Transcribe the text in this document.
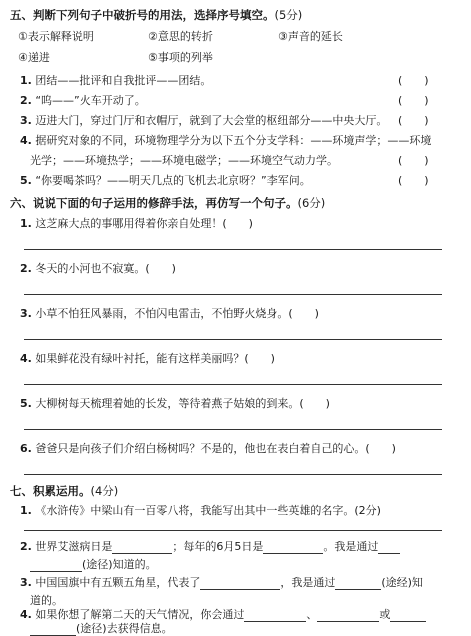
五、判断下列句子中破折号的用法，选择序号填空。(5分)
①表示解释说明	②意思的转折	③声音的延长
④递进	⑤事项的列举
1. 团结——批评和自我批评——团结。	(　　)
2. “呜——”火车开动了。	(　　)
3. 迈进大门，穿过门厅和衣帽厅，就到了大会堂的枢纽部分——中央大厅。 (　　)
4. 据研究对象的不同，环境物理学分为以下五个分支学科：——环境声学；——环境
光学；——环境热学；——环境电磁学；——环境空气动力学。	(　　)
5. “你要喝茶吗？——明天几点的飞机去北京呀？”李军问。	(　　)
六、说说下面的句子运用的修辞手法，再仿写一个句子。(6分)
1. 这芝麻大点的事哪用得着你亲自处理！(　　)
2. 冬天的小河也不寂寞。(　　)
3. 小草不怕狂风暴雨，不怕闪电雷击，不怕野火烧身。(　　)
4. 如果鲜花没有绿叶衬托，能有这样美丽吗？(　　)
5. 大柳树每天梳理着她的长发，等待着燕子姑娘的到来。(　　)
6. 爸爸只是向孩子们介绍白杨树吗？不是的，他也在表白着自己的心。(　　)
七、积累运用。(4分)
1. 《水浒传》中梁山有一百零八将，我能写出其中一些英雄的名字。(2分)
2. 世界艾滋病日是	；每年的6月5日是	。我是通过
(途径)知道的。
3. 中国国旗中有五颗五角星，代表了	，我是通过	(途经)知
道的。
4. 如果你想了解第二天的天气情况，你会通过	、	或
(途径)去获得信息。
